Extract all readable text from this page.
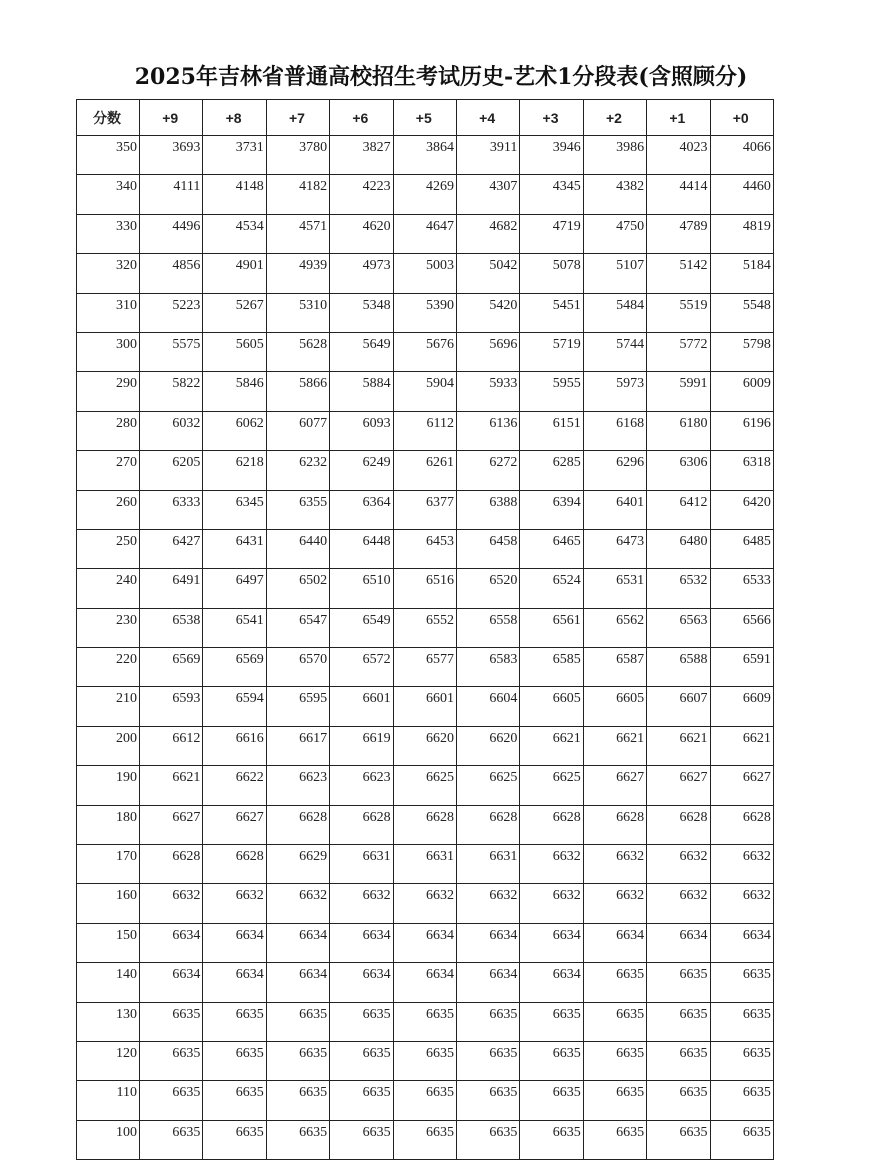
2025年吉林省普通高校招生考试历史-艺术1分段表(含照顾分)
分数	+9	+8	+7	+6	+5	+4	+3	+2	+1	+0
350	3693	3731	3780	3827	3864	3911	3946	3986	4023	4066
340	4111	4148	4182	4223	4269	4307	4345	4382	4414	4460
330	4496	4534	4571	4620	4647	4682	4719	4750	4789	4819
320	4856	4901	4939	4973	5003	5042	5078	5107	5142	5184
310	5223	5267	5310	5348	5390	5420	5451	5484	5519	5548
300	5575	5605	5628	5649	5676	5696	5719	5744	5772	5798
290	5822	5846	5866	5884	5904	5933	5955	5973	5991	6009
280	6032	6062	6077	6093	6112	6136	6151	6168	6180	6196
270	6205	6218	6232	6249	6261	6272	6285	6296	6306	6318
260	6333	6345	6355	6364	6377	6388	6394	6401	6412	6420
250	6427	6431	6440	6448	6453	6458	6465	6473	6480	6485
240	6491	6497	6502	6510	6516	6520	6524	6531	6532	6533
230	6538	6541	6547	6549	6552	6558	6561	6562	6563	6566
220	6569	6569	6570	6572	6577	6583	6585	6587	6588	6591
210	6593	6594	6595	6601	6601	6604	6605	6605	6607	6609
200	6612	6616	6617	6619	6620	6620	6621	6621	6621	6621
190	6621	6622	6623	6623	6625	6625	6625	6627	6627	6627
180	6627	6627	6628	6628	6628	6628	6628	6628	6628	6628
170	6628	6628	6629	6631	6631	6631	6632	6632	6632	6632
160	6632	6632	6632	6632	6632	6632	6632	6632	6632	6632
150	6634	6634	6634	6634	6634	6634	6634	6634	6634	6634
140	6634	6634	6634	6634	6634	6634	6634	6635	6635	6635
130	6635	6635	6635	6635	6635	6635	6635	6635	6635	6635
120	6635	6635	6635	6635	6635	6635	6635	6635	6635	6635
110	6635	6635	6635	6635	6635	6635	6635	6635	6635	6635
100	6635	6635	6635	6635	6635	6635	6635	6635	6635	6635
